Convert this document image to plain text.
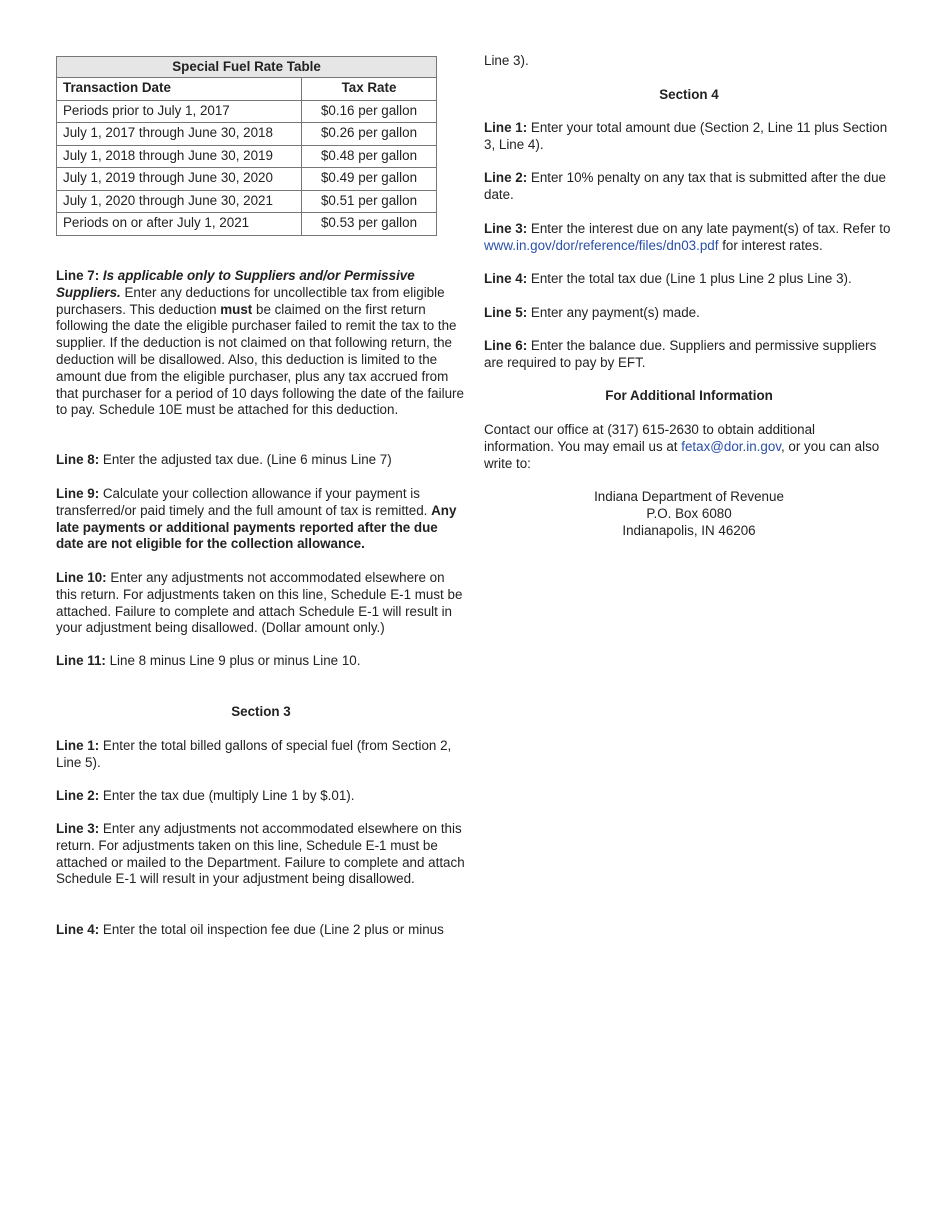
Special Fuel Rate Table	
Transaction Date	Tax Rate
Periods prior to July 1, 2017	$0.16 per gallon
July 1, 2017 through June 30, 2018	$0.26 per gallon
July 1, 2018 through June 30, 2019	$0.48 per gallon
July 1, 2019 through June 30, 2020	$0.49 per gallon
July 1, 2020 through June 30, 2021	$0.51 per gallon
Periods on or after July 1, 2021	$0.53 per gallon

Line 7: Is applicable only to Suppliers and/or Permissive Suppliers. Enter any deductions for uncollectible tax from eligible purchasers. This deduction must be claimed on the first return following the date the eligible purchaser failed to remit the tax to the supplier. If the deduction is not claimed on that following return, the deduction will be disallowed. Also, this deduction is limited to the amount due from the eligible purchaser, plus any tax accrued from that purchaser for a period of 10 days following the date of the failure to pay. Schedule 10E must be attached for this deduction.

Line 8: Enter the adjusted tax due. (Line 6 minus Line 7)

Line 9: Calculate your collection allowance if your payment is transferred/or paid timely and the full amount of tax is remitted. Any late payments or additional payments reported after the due date are not eligible for the collection allowance.

Line 10: Enter any adjustments not accommodated elsewhere on this return. For adjustments taken on this line, Schedule E-1 must be attached. Failure to complete and attach Schedule E-1 will result in your adjustment being disallowed. (Dollar amount only.)

Line 11: Line 8 minus Line 9 plus or minus Line 10.

Section 3

Line 1: Enter the total billed gallons of special fuel (from Section 2, Line 5).

Line 2: Enter the tax due (multiply Line 1 by $.01).

Line 3: Enter any adjustments not accommodated elsewhere on this return. For adjustments taken on this line, Schedule E-1 must be attached or mailed to the Department. Failure to complete and attach Schedule E-1 will result in your adjustment being disallowed.

Line 4: Enter the total oil inspection fee due (Line 2 plus or minus

Line 3).

Section 4

Line 1: Enter your total amount due (Section 2, Line 11 plus Section 3, Line 4).

Line 2: Enter 10% penalty on any tax that is submitted after the due date.

Line 3: Enter the interest due on any late payment(s) of tax. Refer to www.in.gov/dor/reference/files/dn03.pdf for interest rates.

Line 4: Enter the total tax due (Line 1 plus Line 2 plus Line 3).

Line 5: Enter any payment(s) made.

Line 6: Enter the balance due. Suppliers and permissive suppliers are required to pay by EFT.

For Additional Information

Contact our office at (317) 615-2630 to obtain additional information. You may email us at fetax@dor.in.gov, or you can also write to:

Indiana Department of Revenue
P.O. Box 6080
Indianapolis, IN 46206
